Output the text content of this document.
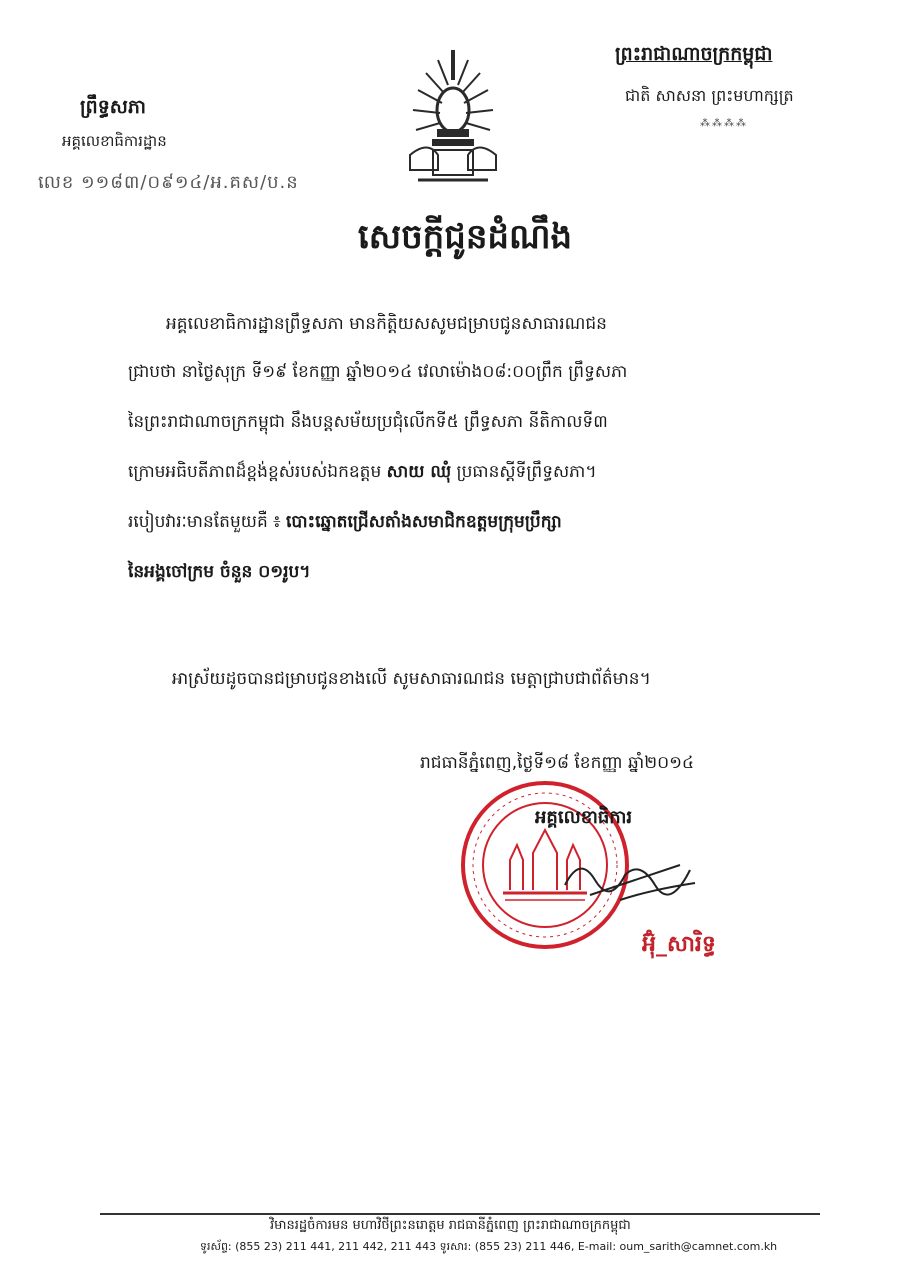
ព្រះរាជាណាចក្រកម្ពុជា
ជាតិ សាសនា ព្រះមហាក្សត្រ
⁂⁂⁂⁂
ព្រឹទ្ធសភា
អគ្គលេខាធិការដ្ឋាន
លេខ ១១៨៣/០៩១៤/អ.គស/ប.ន
សេចក្តីជូនដំណឹង
អគ្គលេខាធិការដ្ឋានព្រឹទ្ធសភា មានកិត្តិយសសូមជម្រាបជូនសាធារណជន
ជ្រាបថា នាថ្ងៃសុក្រ ទី១៩ ខែកញ្ញា ឆ្នាំ២០១៤ វេលាម៉ោង០៨:០០ព្រឹក ព្រឹទ្ធសភា
នៃព្រះរាជាណាចក្រកម្ពុជា នឹងបន្តសម័យប្រជុំលើកទី៥ ព្រឹទ្ធសភា នីតិកាលទី៣
ក្រោមអធិបតីភាពដ៏ខ្ពង់ខ្ពស់របស់ឯកឧត្តម សាយ ឈុំ ប្រធានស្តីទីព្រឹទ្ធសភា។
របៀបវារៈមានតែមួយគឺ ៖ បោះឆ្នោតជ្រើសតាំងសមាជិកឧត្តមក្រុមប្រឹក្សា
នៃអង្គចៅក្រម ចំនួន ០១រូប។
អាស្រ័យដូចបានជម្រាបជូនខាងលើ សូមសាធារណជន មេត្តាជ្រាបជាព័ត៌មាន។
រាជធានីភ្នំពេញ,ថ្ងៃទី១៨ ខែកញ្ញា ឆ្នាំ២០១៤
អគ្គលេខាធិការ
អ៊ុំ_សារិទ្ធ
វិមានរដ្ឋចំការមន មហាវិថីព្រះនរោត្តម រាជធានីភ្នំពេញ ព្រះរាជាណាចក្រកម្ពុជា
ទូរស័ព្ទ: (855 23) 211 441, 211 442, 211 443 ទូរសារ: (855 23) 211 446, E-mail: oum_sarith@camnet.com.kh
